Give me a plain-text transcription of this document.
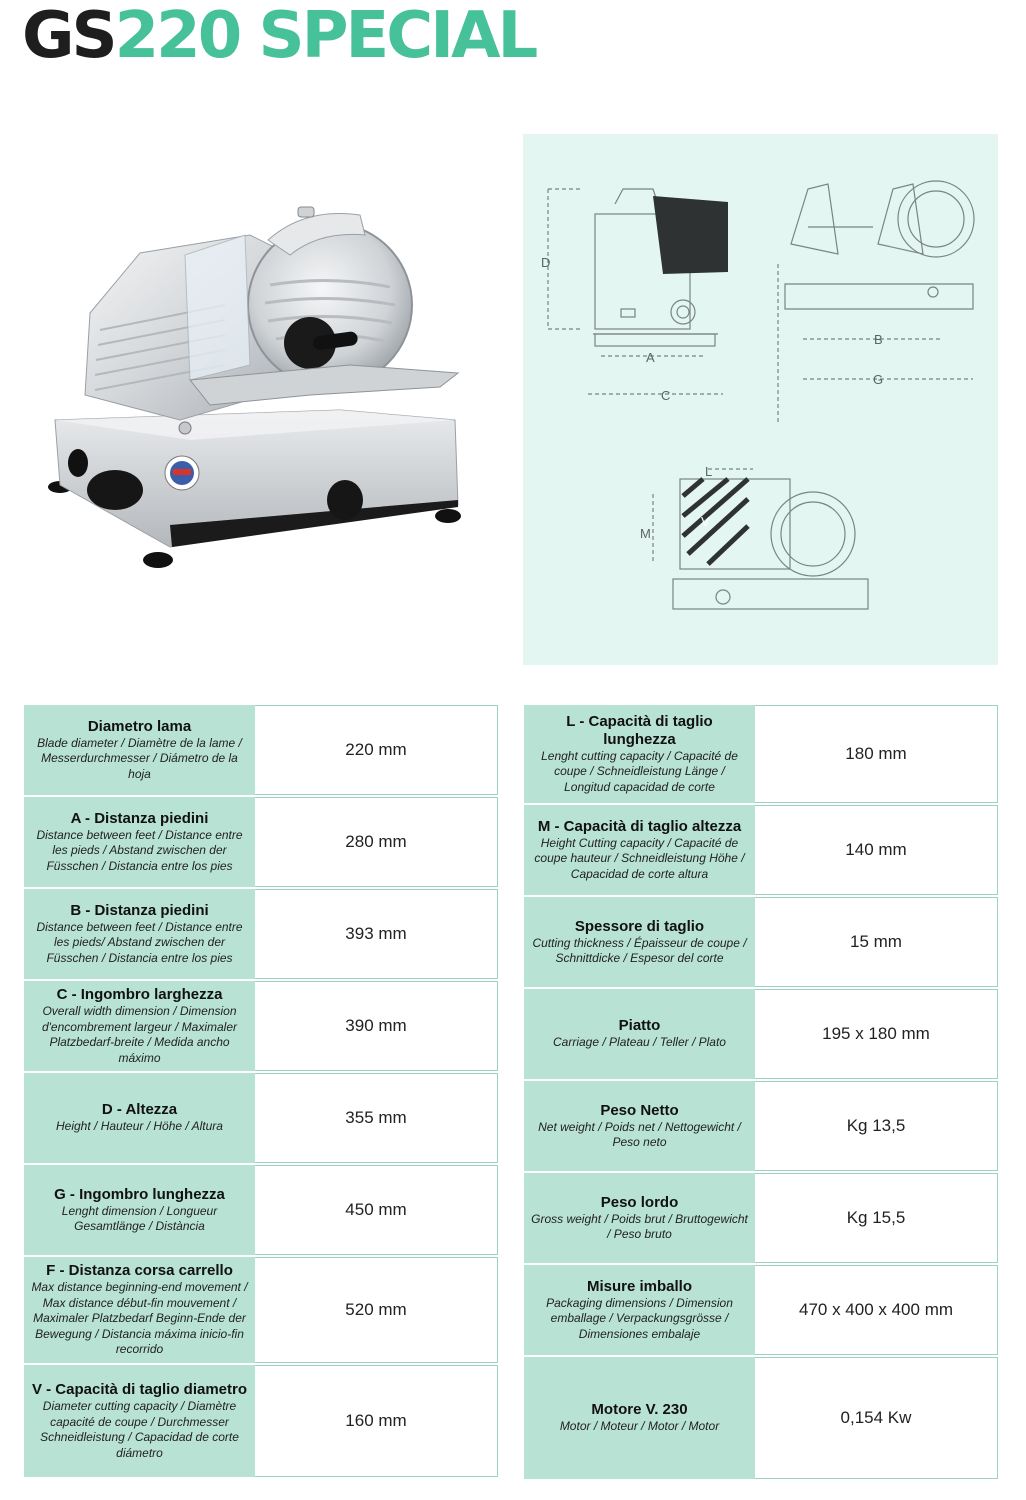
GS220 SPECIAL
D
A
C
B
G
L
M
V
Diametro lama
Blade diameter / Diamètre de la lame / Messerdurchmesser / Diámetro de la hoja	220 mm

A - Distanza piedini
Distance between feet / Distance entre les pieds / Abstand zwischen der Füsschen / Distancia entre los pies	280 mm

B - Distanza piedini
Distance between feet / Distance entre les pieds/ Abstand zwischen der Füsschen / Distancia entre los pies	393 mm

C - Ingombro larghezza
Overall width dimension / Dimension d'encombrement largeur / Maximaler Platzbedarf-breite / Medida ancho máximo	390 mm

D - Altezza
Height / Hauteur / Höhe / Altura	355 mm

G - Ingombro lunghezza
Lenght dimension / Longueur Gesamtlänge / Distància	450 mm

F - Distanza corsa carrello
Max distance beginning-end movement / Max distance début-fin mouvement / Maximaler Platzbedarf Beginn-Ende der Bewegung / Distancia máxima inicio-fin recorrido	520 mm

V - Capacità di taglio diametro
Diameter cutting capacity / Diamètre capacité de coupe / Durchmesser Schneidleistung / Capacidad de corte diámetro	160 mm
L - Capacità di taglio lunghezza
Lenght cutting capacity / Capacité de coupe / Schneidleistung Länge / Longitud capacidad de corte	180 mm

M - Capacità di taglio altezza
Height Cutting capacity / Capacité de coupe hauteur / Schneidleistung Höhe / Capacidad de corte altura	140 mm

Spessore di taglio
Cutting thickness / Épaisseur de coupe / Schnittdicke / Espesor del corte	15 mm

Piatto
Carriage / Plateau / Teller / Plato	195 x 180 mm

Peso Netto
Net weight / Poids net / Nettogewicht / Peso neto	Kg 13,5

Peso lordo
Gross weight / Poids brut / Bruttogewicht / Peso bruto	Kg 15,5

Misure imballo
Packaging dimensions / Dimension emballage / Verpackungsgrösse / Dimensiones embalaje	470 x 400 x 400 mm

Motore V. 230
Motor / Moteur / Motor / Motor	0,154 Kw
